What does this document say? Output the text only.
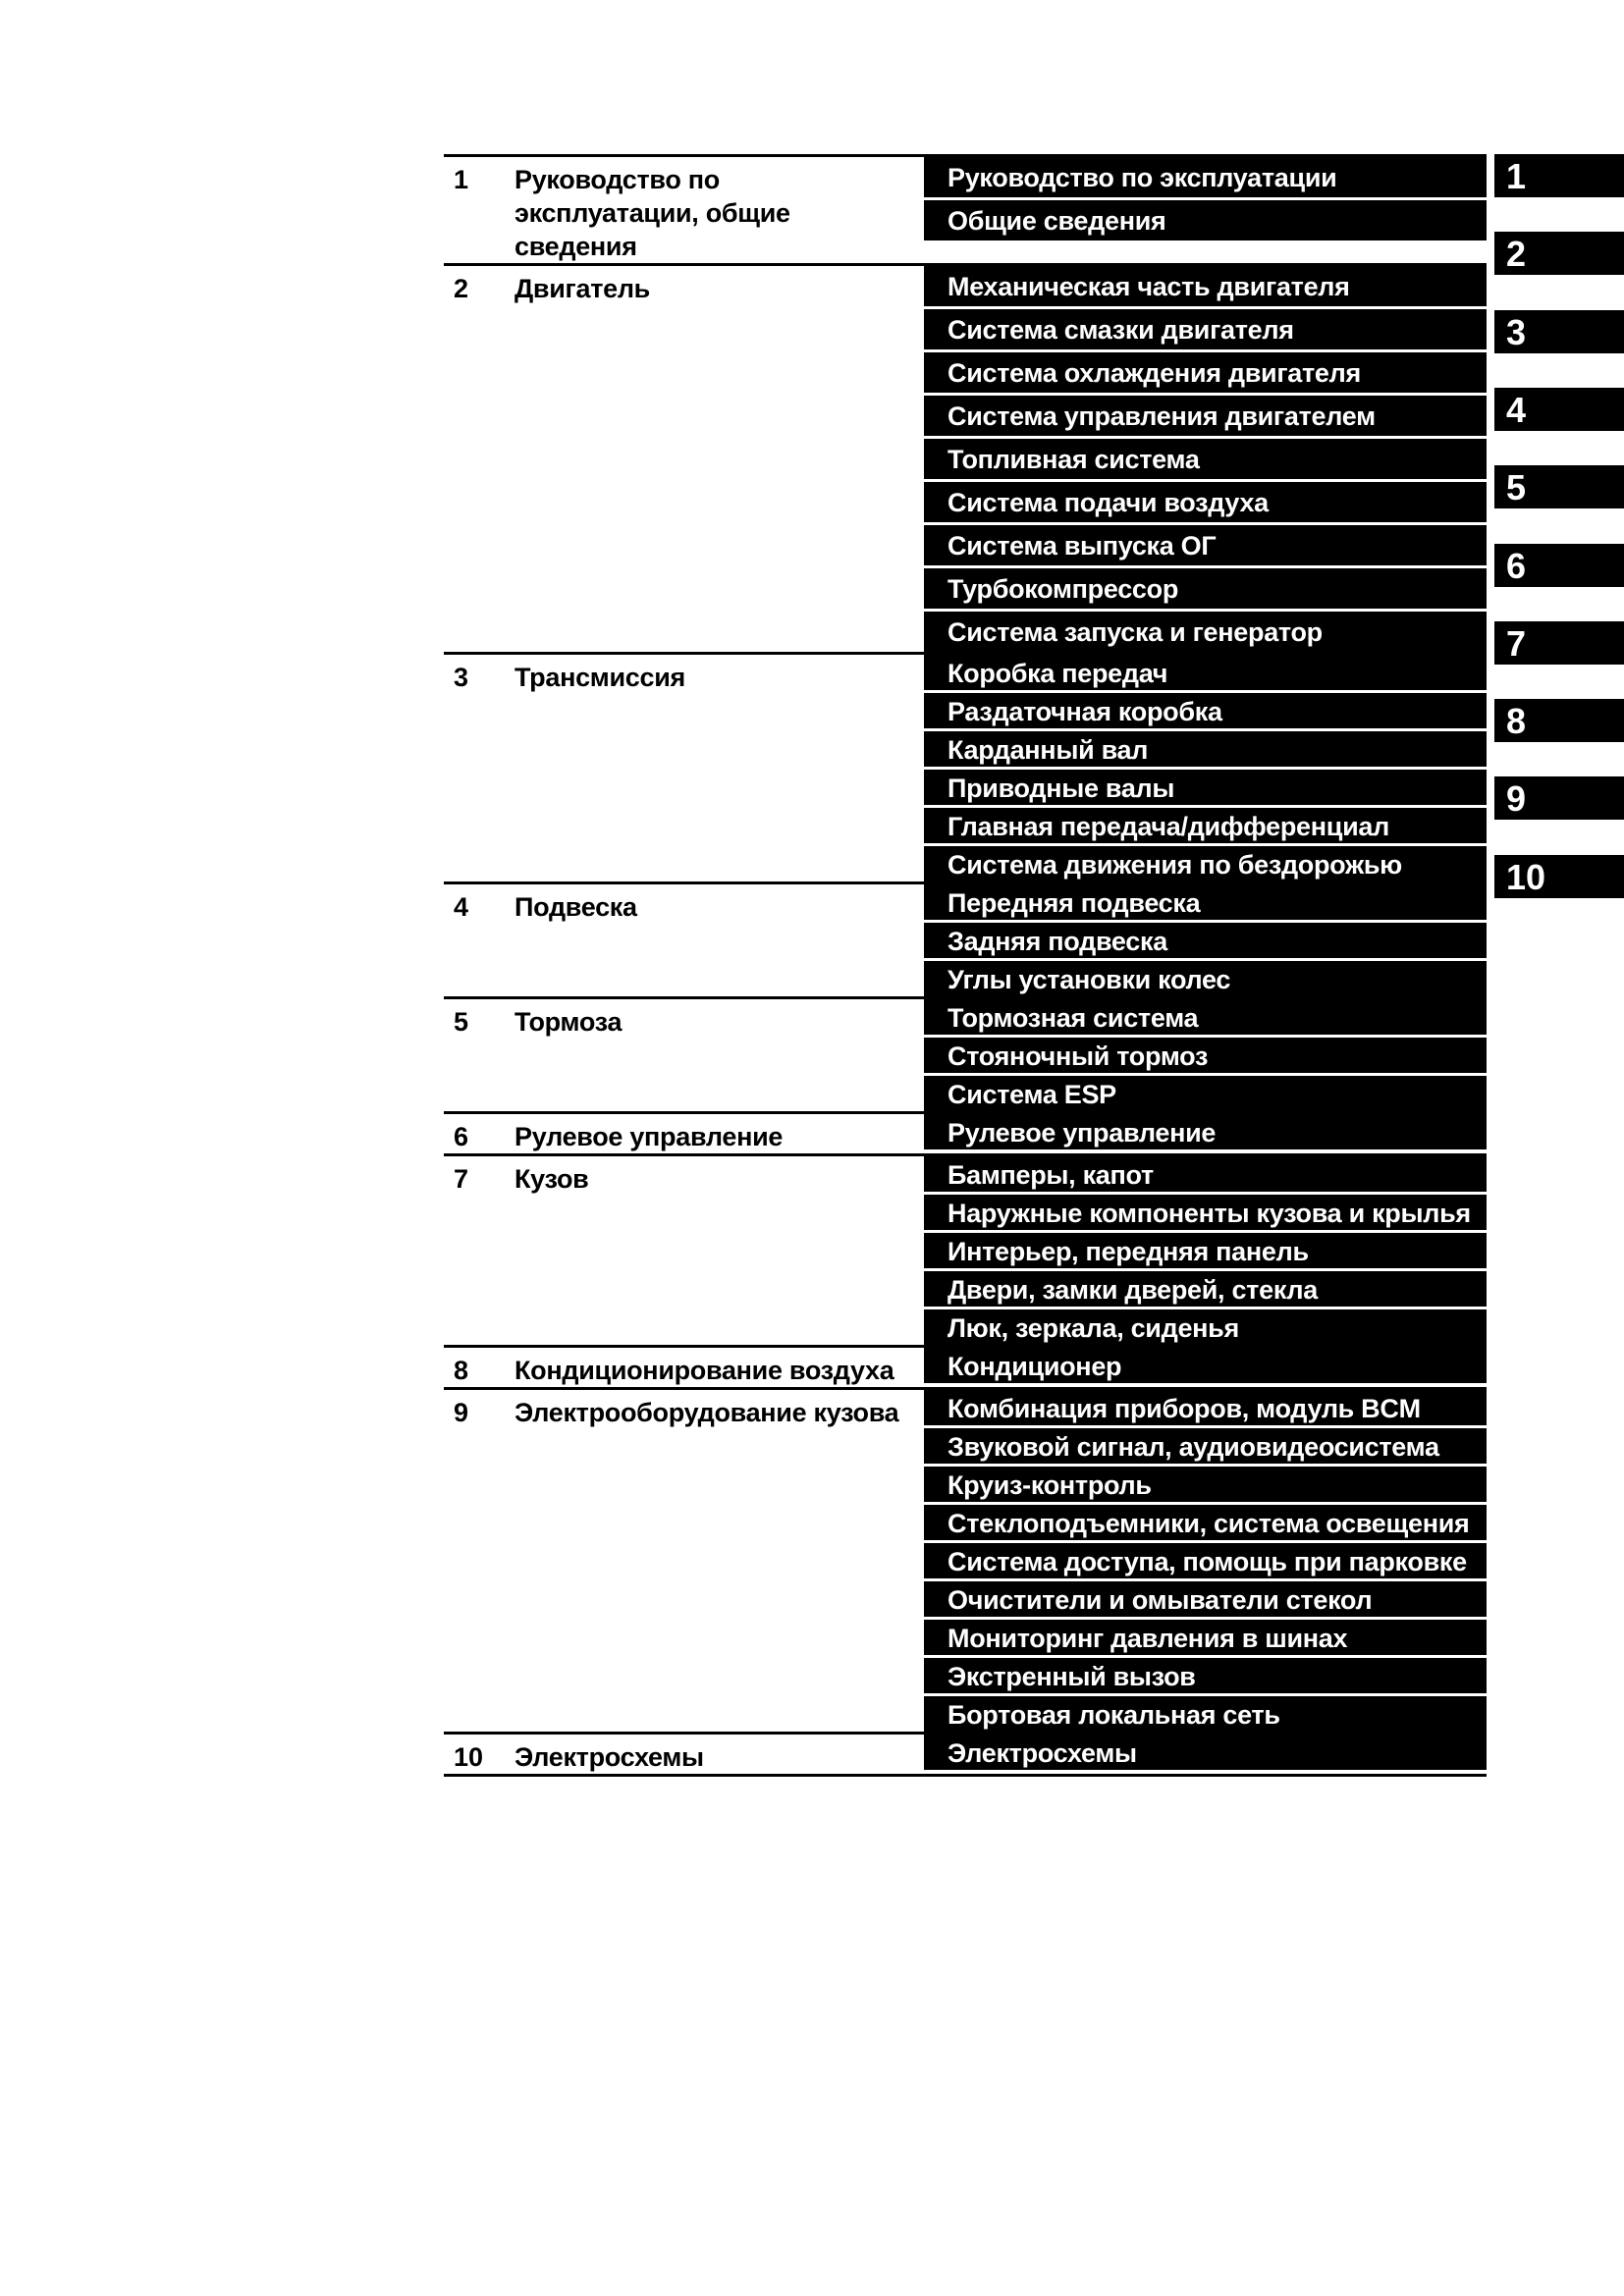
1	Руководство по эксплуатации, общие сведения
Руководство по эксплуатации
Общие сведения
2	Двигатель	Механическая часть двигателя
Система смазки двигателя
Система охлаждения двигателя
Система управления двигателем
Топливная система
Система подачи воздуха
Система выпуска ОГ
Турбокомпрессор
Система запуска и генератор
3	Трансмиссия	Коробка передач
Раздаточная коробка
Карданный вал
Приводные валы
Главная передача/дифференциал
Система движения по бездорожью
4	Подвеска	Передняя подвеска
Задняя подвеска
Углы установки колес
5	Тормоза	Тормозная система
Стояночный тормоз
Система ESP
6	Рулевое управление	Рулевое управление
7	Кузов	Бамперы, капот
Наружные компоненты кузова и крылья
Интерьер, передняя панель
Двери, замки дверей, стекла
Люк, зеркала, сиденья
8	Кондиционирование воздуха	Кондиционер
9	Электрооборудование кузова	Комбинация приборов, модуль BCM
Звуковой сигнал, аудиовидеосистема
Круиз-контроль
Стеклоподъемники, система освещения
Система доступа, помощь при парковке
Очистители и омыватели стекол
Мониторинг давления в шинах
Экстренный вызов
Бортовая локальная сеть
10	Электросхемы	Электросхемы
1
2
3
4
5
6
7
8
9
10
